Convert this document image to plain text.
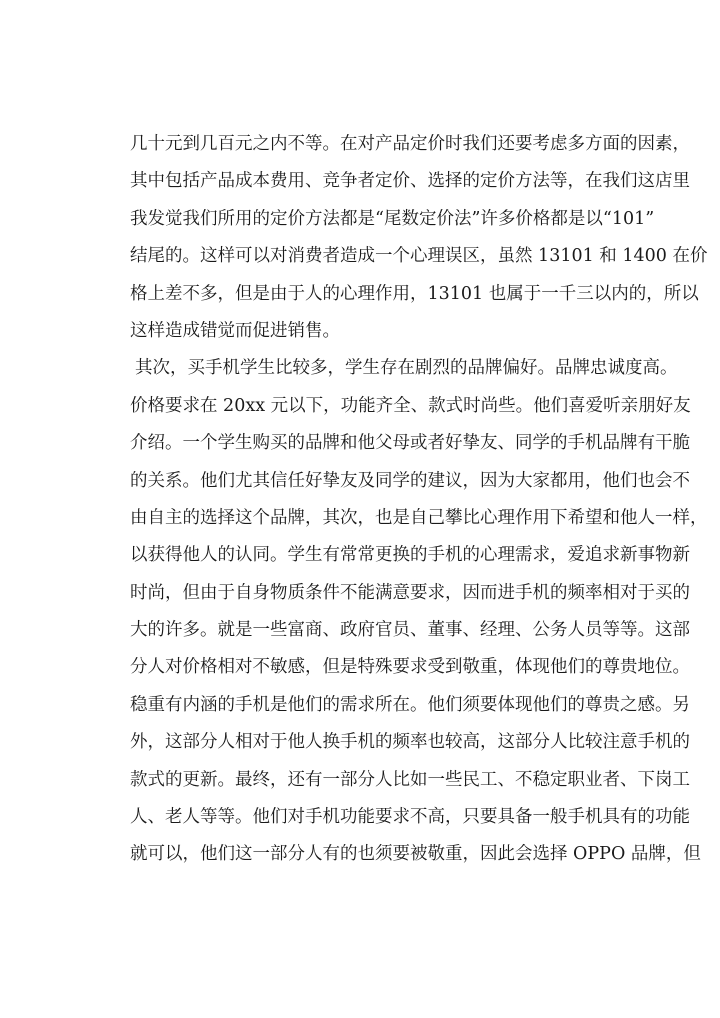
几十元到几百元之内不等。在对产品定价时我们还要考虑多方面的因素，
其中包括产品成本费用、竞争者定价、选择的定价方法等，在我们这店里
我发觉我们所用的定价方法都是“尾数定价法”许多价格都是以“101”
结尾的。这样可以对消费者造成一个心理误区，虽然 13101 和 1400 在价
格上差不多，但是由于人的心理作用，13101 也属于一千三以内的，所以
这样造成错觉而促进销售。
其次，买手机学生比较多，学生存在剧烈的品牌偏好。品牌忠诚度高。
价格要求在 20xx 元以下，功能齐全、款式时尚些。他们喜爱听亲朋好友
介绍。一个学生购买的品牌和他父母或者好挚友、同学的手机品牌有干脆
的关系。他们尤其信任好挚友及同学的建议，因为大家都用，他们也会不
由自主的选择这个品牌，其次，也是自己攀比心理作用下希望和他人一样，
以获得他人的认同。学生有常常更换的手机的心理需求，爱追求新事物新
时尚，但由于自身物质条件不能满意要求，因而进手机的频率相对于买的
大的许多。就是一些富商、政府官员、董事、经理、公务人员等等。这部
分人对价格相对不敏感，但是特殊要求受到敬重，体现他们的尊贵地位。
稳重有内涵的手机是他们的需求所在。他们须要体现他们的尊贵之感。另
外，这部分人相对于他人换手机的频率也较高，这部分人比较注意手机的
款式的更新。最终，还有一部分人比如一些民工、不稳定职业者、下岗工
人、老人等等。他们对手机功能要求不高，只要具备一般手机具有的功能
就可以，他们这一部分人有的也须要被敬重，因此会选择 OPPO 品牌，但
